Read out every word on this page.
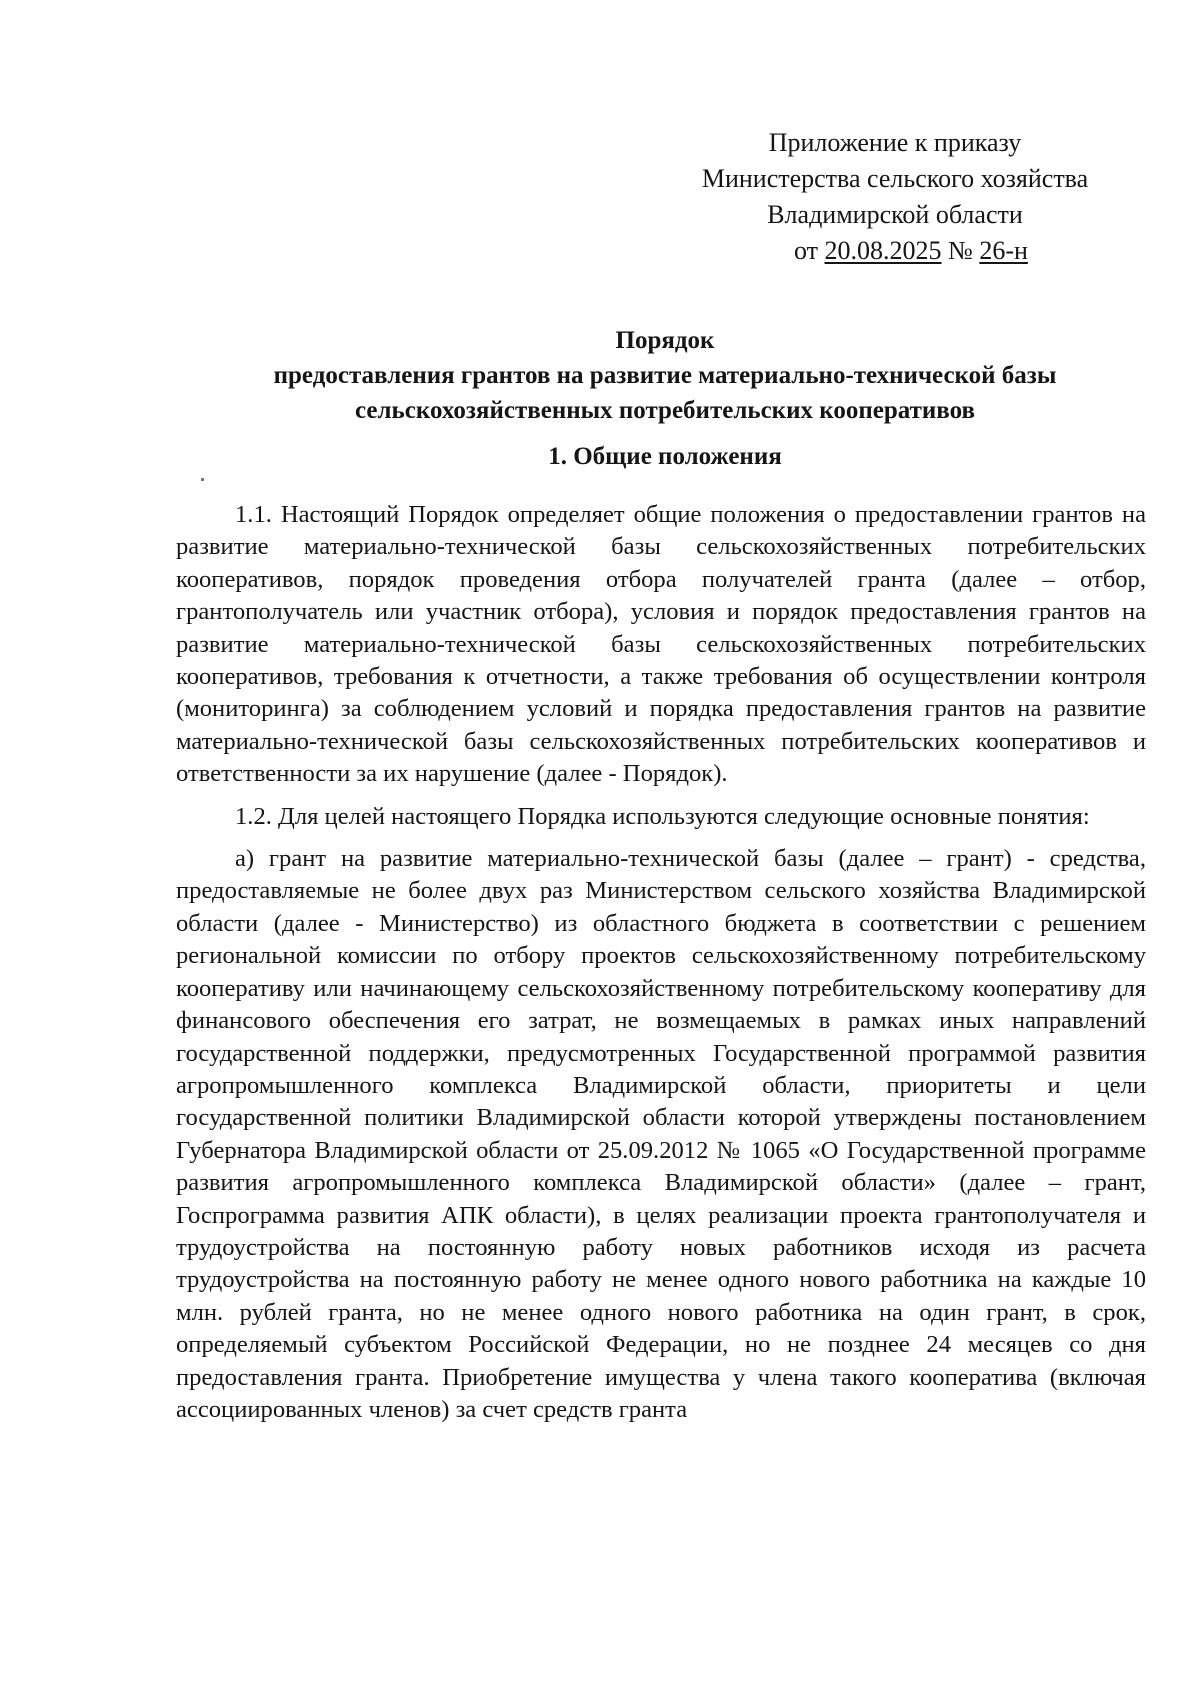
Приложение к приказу
Министерства сельского хозяйства
Владимирской области
от 20.08.2025 № 26-н
Порядок
предоставления грантов на развитие материально-технической базы
сельскохозяйственных потребительских кооперативов
1. Общие положения

1.1. Настоящий Порядок определяет общие положения о предоставлении грантов на развитие материально-технической базы сельскохозяйственных потребительских кооперативов, порядок проведения отбора получателей гранта (далее – отбор, грантополучатель или участник отбора), условия и порядок предоставления грантов на развитие материально-технической базы сельскохозяйственных потребительских кооперативов, требования к отчетности, а также требования об осуществлении контроля (мониторинга) за соблюдением условий и порядка предоставления грантов на развитие материально-технической базы сельскохозяйственных потребительских кооперативов и ответственности за их нарушение (далее - Порядок).

1.2. Для целей настоящего Порядка используются следующие основные понятия:

а) грант на развитие материально-технической базы (далее – грант) - средства, предоставляемые не более двух раз Министерством сельского хозяйства Владимирской области (далее - Министерство) из областного бюджета в соответствии с решением региональной комиссии по отбору проектов сельскохозяйственному потребительскому кооперативу или начинающему сельскохозяйственному потребительскому кооперативу для финансового обеспечения его затрат, не возмещаемых в рамках иных направлений государственной поддержки, предусмотренных Государственной программой развития агропромышленного комплекса Владимирской области, приоритеты и цели государственной политики Владимирской области которой утверждены постановлением Губернатора Владимирской области от 25.09.2012 № 1065 «О Государственной программе развития агропромышленного комплекса Владимирской области» (далее – грант, Госпрограмма развития АПК области), в целях реализации проекта грантополучателя и трудоустройства на постоянную работу новых работников исходя из расчета трудоустройства на постоянную работу не менее одного нового работника на каждые 10 млн. рублей гранта, но не менее одного нового работника на один грант, в срок, определяемый субъектом Российской Федерации, но не позднее 24 месяцев со дня предоставления гранта. Приобретение имущества у члена такого кооператива (включая ассоциированных членов) за счет средств гранта
